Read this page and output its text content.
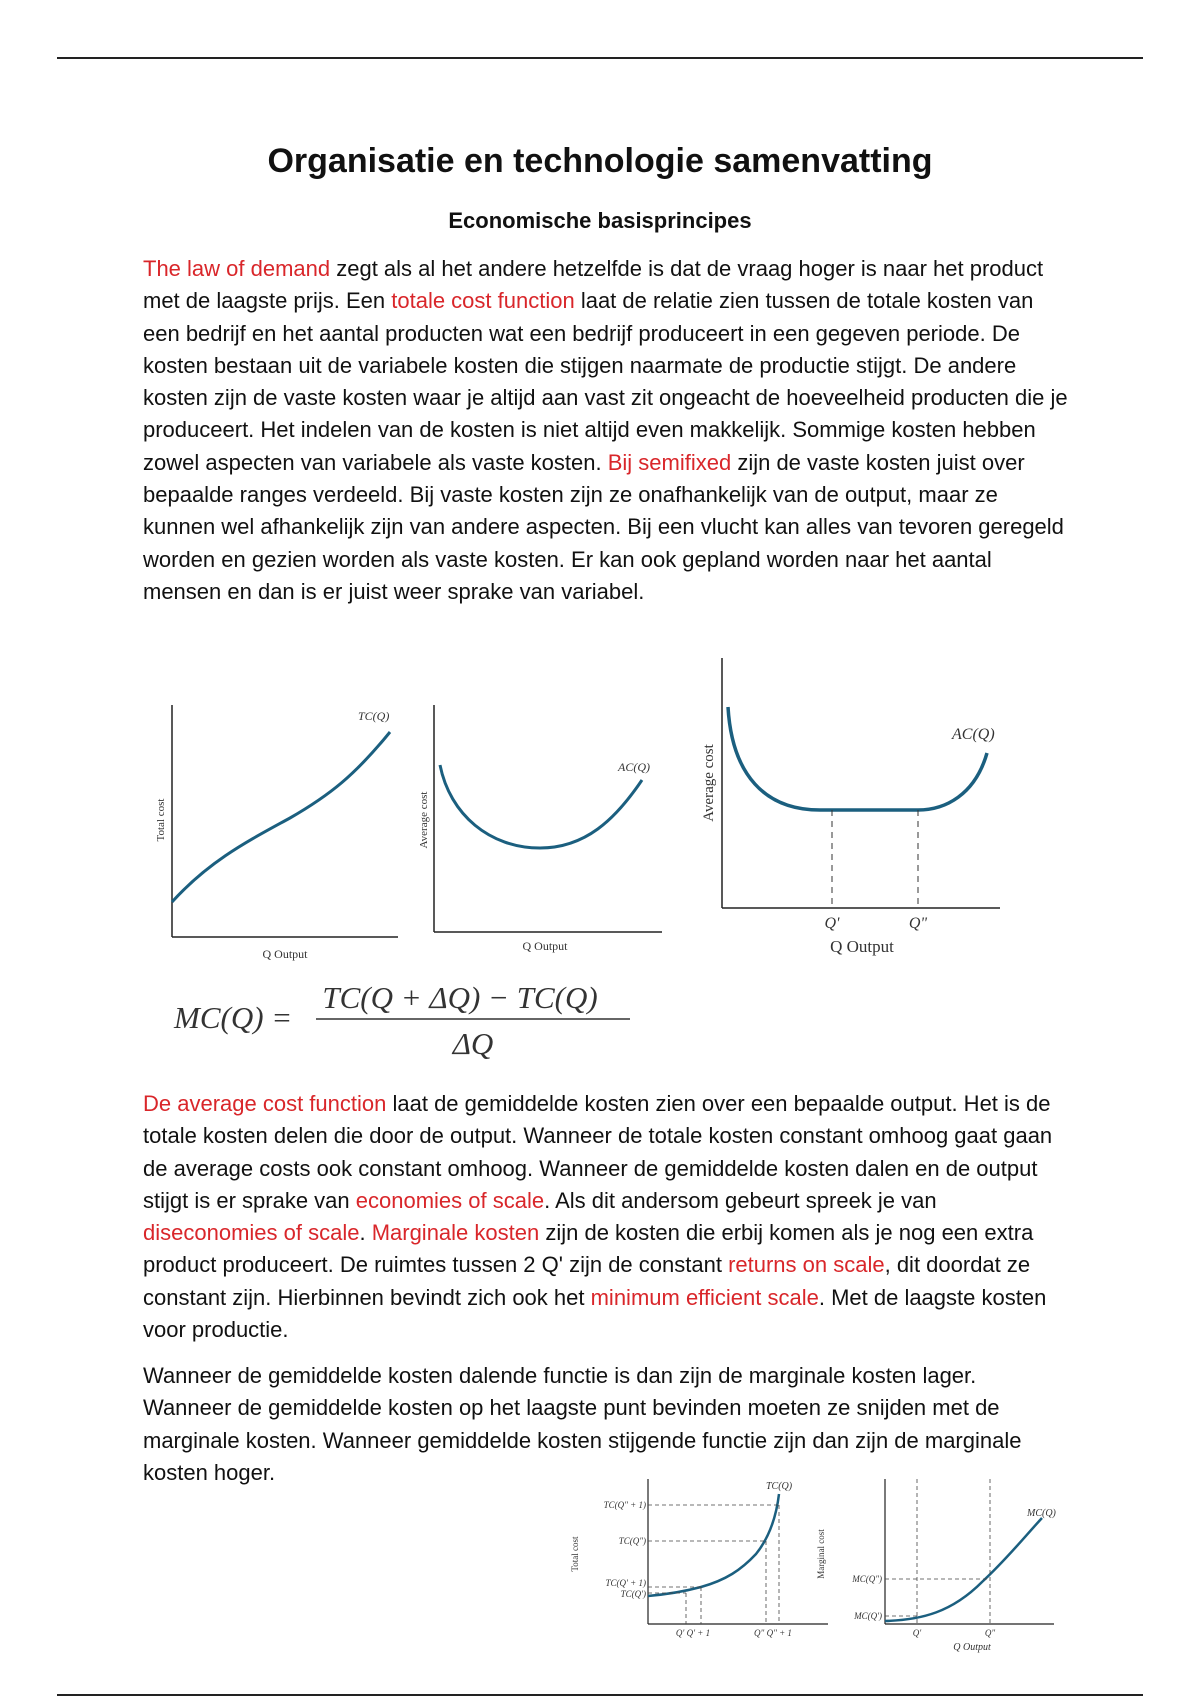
Organisatie en technologie samenvatting
Economische basisprincipes

The law of demand zegt als al het andere hetzelfde is dat de vraag hoger is naar het product met de laagste prijs. Een totale cost function laat de relatie zien tussen de totale kosten van een bedrijf en het aantal producten wat een bedrijf produceert in een gegeven periode. De kosten bestaan uit de variabele kosten die stijgen naarmate de productie stijgt. De andere kosten zijn de vaste kosten waar je altijd aan vast zit ongeacht de hoeveelheid producten die je produceert. Het indelen van de kosten is niet altijd even makkelijk. Sommige kosten hebben zowel aspecten van variabele als vaste kosten. Bij semifixed zijn de vaste kosten juist over bepaalde ranges verdeeld. Bij vaste kosten zijn ze onafhankelijk van de output, maar ze kunnen wel afhankelijk zijn van andere aspecten. Bij een vlucht kan alles van tevoren geregeld worden en gezien worden als vaste kosten. Er kan ook gepland worden naar het aantal mensen en dan is er juist weer sprake van variabel.

TC(Q)
Total cost
Q Output
AC(Q)
Average cost
Q Output
AC(Q)
Average cost
Q'	Q"
Q Output
MC(Q) =
TC(Q + ΔQ) − TC(Q)
ΔQ

De average cost function laat de gemiddelde kosten zien over een bepaalde output. Het is de totale kosten delen die door de output. Wanneer de totale kosten constant omhoog gaat gaan de average costs ook constant omhoog. Wanneer de gemiddelde kosten dalen en de output stijgt is er sprake van economies of scale. Als dit andersom gebeurt spreek je van diseconomies of scale. Marginale kosten zijn de kosten die erbij komen als je nog een extra product produceert. De ruimtes tussen 2 Q' zijn de constant returns on scale, dit doordat ze constant zijn. Hierbinnen bevindt zich ook het minimum efficient scale. Met de laagste kosten voor productie.

Wanneer de gemiddelde kosten dalende functie is dan zijn de marginale kosten lager. Wanneer de gemiddelde kosten op het laagste punt bevinden moeten ze snijden met de marginale kosten. Wanneer gemiddelde kosten stijgende functie zijn dan zijn de marginale kosten hoger.

TC(Q)
TC(Q" + 1)
TC(Q")
TC(Q' + 1)
TC(Q')
Q' Q' + 1	Q" Q" + 1
Total cost
MC(Q)
MC(Q")
MC(Q')
Q'	Q"
Q Output
Marginal cost
